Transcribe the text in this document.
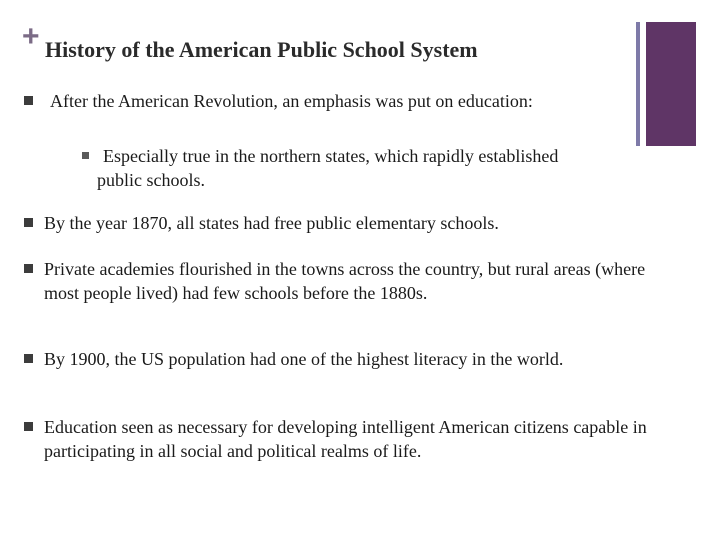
+ History of the American Public School System
After the American Revolution, an emphasis was put on education:
Especially true in the northern states, which rapidly established public schools.
By the year 1870, all states had free public elementary schools.
Private academies flourished in the towns across the country, but rural areas (where most people lived) had few schools before the 1880s.
By 1900, the US population had one of the highest literacy in the world.
Education seen as necessary for developing intelligent American citizens capable in participating in all social and political realms of life.
